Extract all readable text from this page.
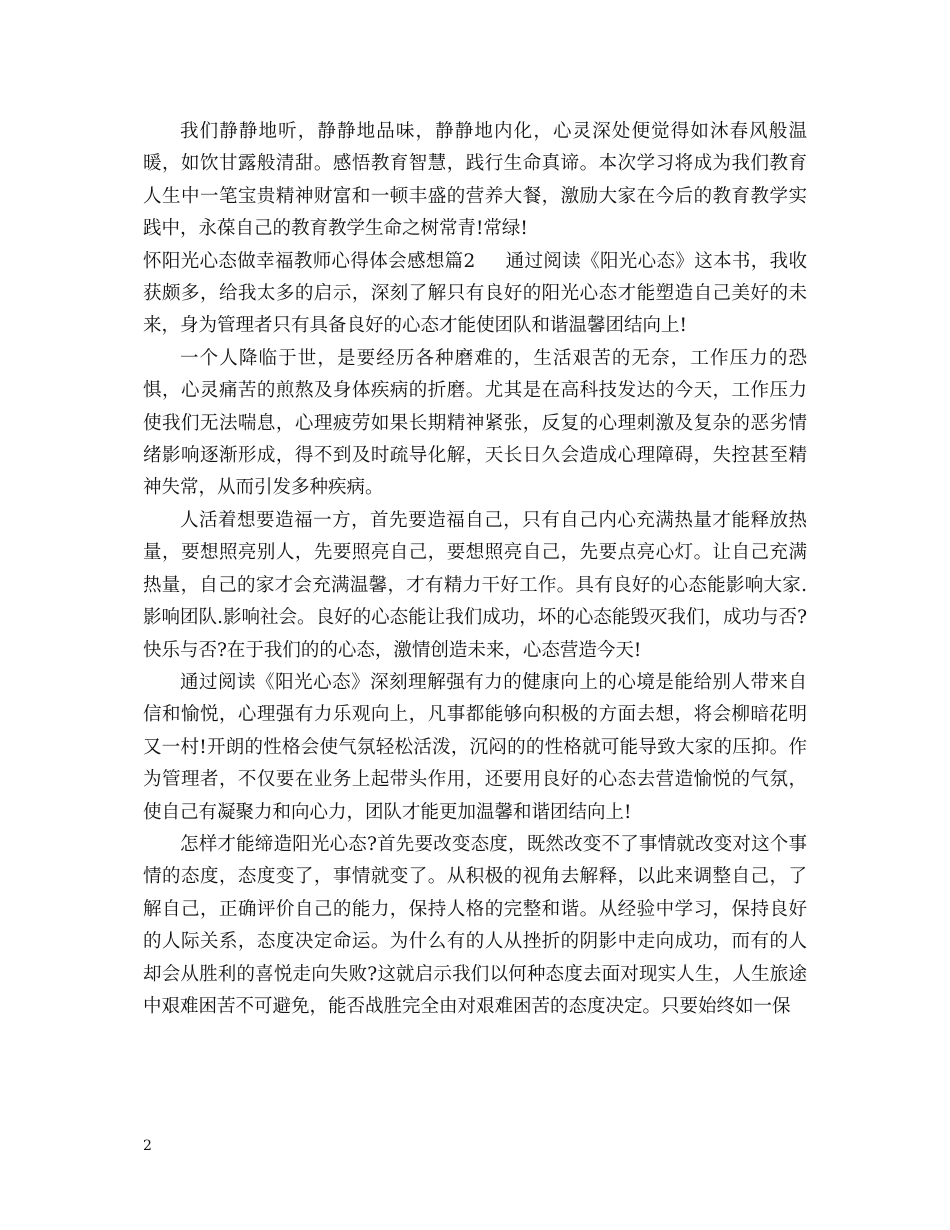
我们静静地听，静静地品味，静静地内化，心灵深处便觉得如沐春风般温暖，如饮甘露般清甜。感悟教育智慧，践行生命真谛。本次学习将成为我们教育人生中一笔宝贵精神财富和一顿丰盛的营养大餐，激励大家在今后的教育教学实践中，永葆自己的教育教学生命之树常青!常绿!

怀阳光心态做幸福教师心得体会感想篇2 通过阅读《阳光心态》这本书，我收获颇多，给我太多的启示，深刻了解只有良好的阳光心态才能塑造自己美好的未来，身为管理者只有具备良好的心态才能使团队和谐温馨团结向上!

一个人降临于世，是要经历各种磨难的，生活艰苦的无奈，工作压力的恐惧，心灵痛苦的煎熬及身体疾病的折磨。尤其是在高科技发达的今天，工作压力使我们无法喘息，心理疲劳如果长期精神紧张，反复的心理刺激及复杂的恶劣情绪影响逐渐形成，得不到及时疏导化解，天长日久会造成心理障碍，失控甚至精神失常，从而引发多种疾病。

人活着想要造福一方，首先要造福自己，只有自己内心充满热量才能释放热量，要想照亮别人，先要照亮自己，要想照亮自己，先要点亮心灯。让自己充满热量，自己的家才会充满温馨，才有精力干好工作。具有良好的心态能影响大家.影响团队.影响社会。良好的心态能让我们成功，坏的心态能毁灭我们，成功与否?快乐与否?在于我们的的心态，激情创造未来，心态营造今天!

通过阅读《阳光心态》深刻理解强有力的健康向上的心境是能给别人带来自信和愉悦，心理强有力乐观向上，凡事都能够向积极的方面去想，将会柳暗花明又一村!开朗的性格会使气氛轻松活泼，沉闷的的性格就可能导致大家的压抑。作为管理者，不仅要在业务上起带头作用，还要用良好的心态去营造愉悦的气氛，使自己有凝聚力和向心力，团队才能更加温馨和谐团结向上!

怎样才能缔造阳光心态?首先要改变态度，既然改变不了事情就改变对这个事情的态度，态度变了，事情就变了。从积极的视角去解释，以此来调整自己，了解自己，正确评价自己的能力，保持人格的完整和谐。从经验中学习，保持良好的人际关系，态度决定命运。为什么有的人从挫折的阴影中走向成功，而有的人却会从胜利的喜悦走向失败?这就启示我们以何种态度去面对现实人生，人生旅途中艰难困苦不可避免，能否战胜完全由对艰难困苦的态度决定。只要始终如一保

2
